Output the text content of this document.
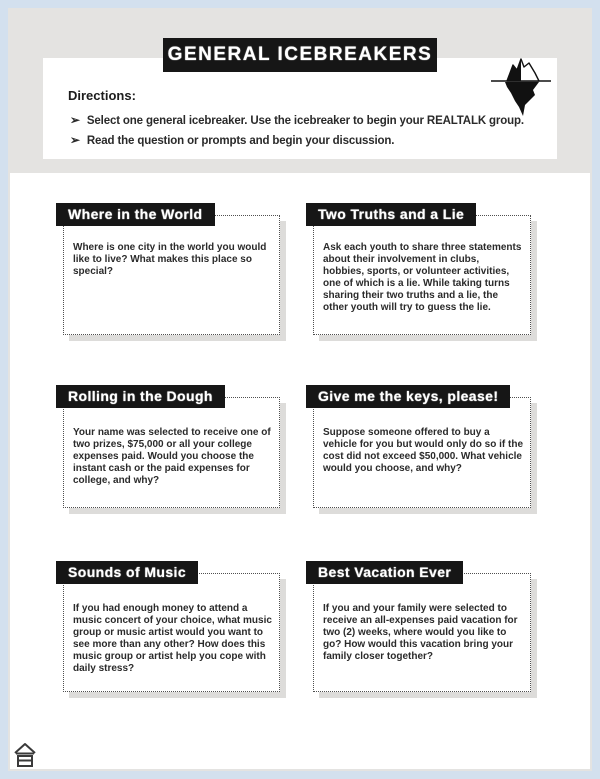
Directions:
➢ Select one general icebreaker. Use the icebreaker to begin your REALTALK group.
➢ Read the question or prompts and begin your discussion.
GENERAL ICEBREAKERS
Where in the World
Where is one city in the world you would like to live? What makes this place so special?
Two Truths and a Lie
Ask each youth to share three statements about their involvement in clubs, hobbies, sports, or volunteer activities, one of which is a lie. While taking turns sharing their two truths and a lie, the other youth will try to guess the lie.
Rolling in the Dough
Your name was selected to receive one of two prizes, $75,000 or all your college expenses paid. Would you choose the instant cash or the paid expenses for college, and why?
Give me the keys, please!
Suppose someone offered to buy a vehicle for you but would only do so if the cost did not exceed $50,000. What vehicle would you choose, and why?
Sounds of Music
If you had enough money to attend a music concert of your choice, what music group or music artist would you want to see more than any other? How does this music group or artist help you cope with daily stress?
Best Vacation Ever
If you and your family were selected to receive an all-expenses paid vacation for two (2) weeks, where would you like to go? How would this vacation bring your family closer together?
